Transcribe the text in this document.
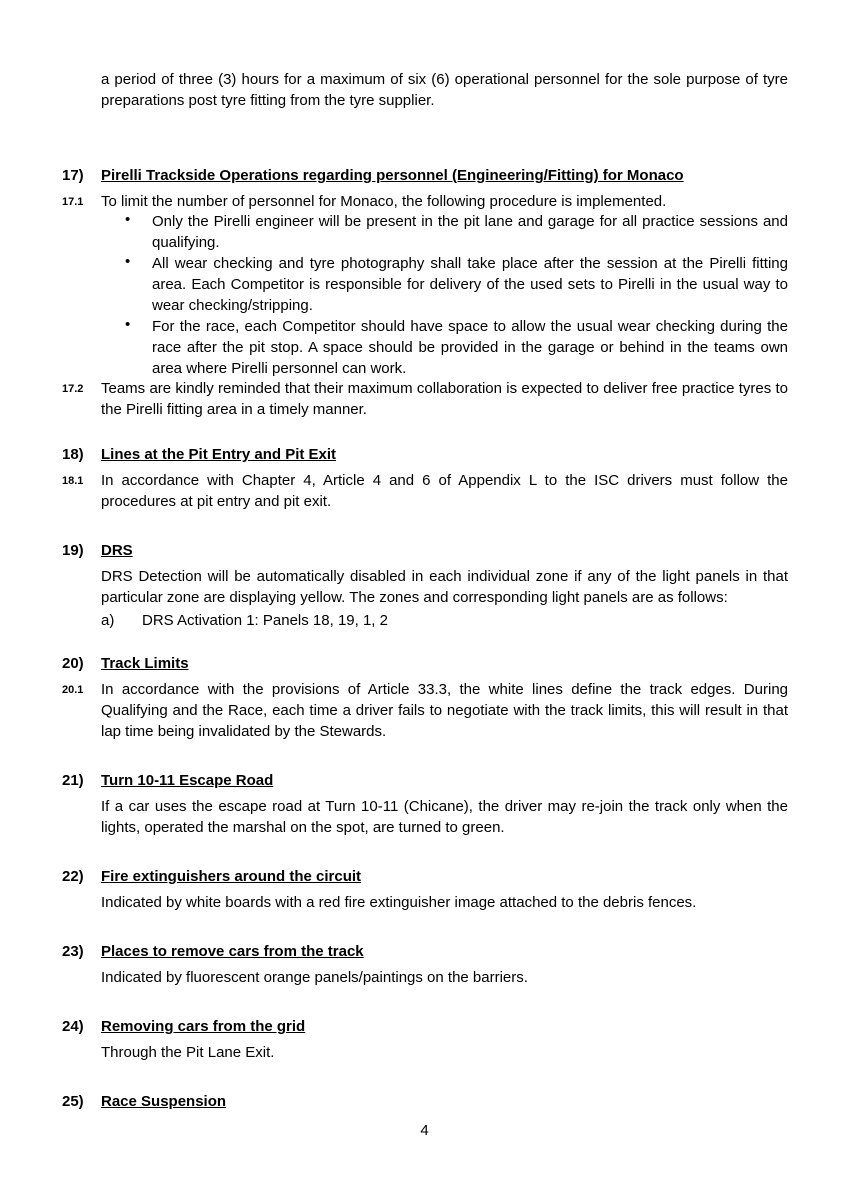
a period of three (3) hours for a maximum of six (6) operational personnel for the sole purpose of tyre preparations post tyre fitting from the tyre supplier.
17) Pirelli Trackside Operations regarding personnel (Engineering/Fitting) for Monaco
17.1 To limit the number of personnel for Monaco, the following procedure is implemented.
• Only the Pirelli engineer will be present in the pit lane and garage for all practice sessions and qualifying.
• All wear checking and tyre photography shall take place after the session at the Pirelli fitting area. Each Competitor is responsible for delivery of the used sets to Pirelli in the usual way to wear checking/stripping.
• For the race, each Competitor should have space to allow the usual wear checking during the race after the pit stop. A space should be provided in the garage or behind in the teams own area where Pirelli personnel can work.
17.2 Teams are kindly reminded that their maximum collaboration is expected to deliver free practice tyres to the Pirelli fitting area in a timely manner.
18) Lines at the Pit Entry and Pit Exit
18.1 In accordance with Chapter 4, Article 4 and 6 of Appendix L to the ISC drivers must follow the procedures at pit entry and pit exit.
19) DRS
DRS Detection will be automatically disabled in each individual zone if any of the light panels in that particular zone are displaying yellow. The zones and corresponding light panels are as follows:
a) DRS Activation 1: Panels 18, 19, 1, 2
20) Track Limits
20.1 In accordance with the provisions of Article 33.3, the white lines define the track edges. During Qualifying and the Race, each time a driver fails to negotiate with the track limits, this will result in that lap time being invalidated by the Stewards.
21) Turn 10-11 Escape Road
If a car uses the escape road at Turn 10-11 (Chicane), the driver may re-join the track only when the lights, operated the marshal on the spot, are turned to green.
22) Fire extinguishers around the circuit
Indicated by white boards with a red fire extinguisher image attached to the debris fences.
23) Places to remove cars from the track
Indicated by fluorescent orange panels/paintings on the barriers.
24) Removing cars from the grid
Through the Pit Lane Exit.
25) Race Suspension
4
